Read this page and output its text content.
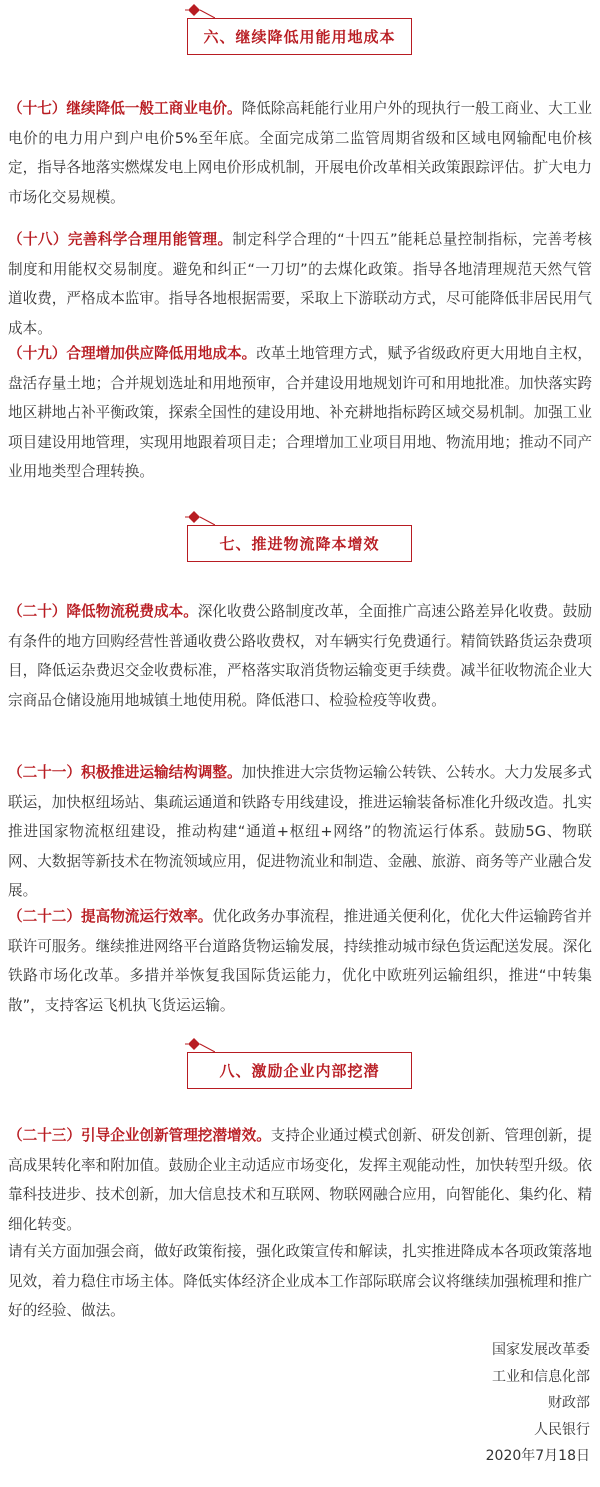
六、继续降低用能用地成本

（十七）继续降低一般工商业电价。降低除高耗能行业用户外的现执行一般工商业、大工业电价的电力用户到户电价5%至年底。全面完成第二监管周期省级和区域电网输配电价核定，指导各地落实燃煤发电上网电价形成机制，开展电价改革相关政策跟踪评估。扩大电力市场化交易规模。

（十八）完善科学合理用能管理。制定科学合理的“十四五”能耗总量控制指标，完善考核制度和用能权交易制度。避免和纠正“一刀切”的去煤化政策。指导各地清理规范天然气管道收费，严格成本监审。指导各地根据需要，采取上下游联动方式，尽可能降低非居民用气成本。

（十九）合理增加供应降低用地成本。改革土地管理方式，赋予省级政府更大用地自主权，盘活存量土地；合并规划选址和用地预审，合并建设用地规划许可和用地批准。加快落实跨地区耕地占补平衡政策，探索全国性的建设用地、补充耕地指标跨区域交易机制。加强工业项目建设用地管理，实现用地跟着项目走；合理增加工业项目用地、物流用地；推动不同产业用地类型合理转换。

七、推进物流降本增效

（二十）降低物流税费成本。深化收费公路制度改革，全面推广高速公路差异化收费。鼓励有条件的地方回购经营性普通收费公路收费权，对车辆实行免费通行。精简铁路货运杂费项目，降低运杂费迟交金收费标准，严格落实取消货物运输变更手续费。减半征收物流企业大宗商品仓储设施用地城镇土地使用税。降低港口、检验检疫等收费。

（二十一）积极推进运输结构调整。加快推进大宗货物运输公转铁、公转水。大力发展多式联运，加快枢纽场站、集疏运通道和铁路专用线建设，推进运输装备标准化升级改造。扎实推进国家物流枢纽建设，推动构建“通道+枢纽+网络”的物流运行体系。鼓励5G、物联网、大数据等新技术在物流领域应用，促进物流业和制造、金融、旅游、商务等产业融合发展。

（二十二）提高物流运行效率。优化政务办事流程，推进通关便利化，优化大件运输跨省并联许可服务。继续推进网络平台道路货物运输发展，持续推动城市绿色货运配送发展。深化铁路市场化改革。多措并举恢复我国际货运能力，优化中欧班列运输组织，推进“中转集散”，支持客运飞机执飞货运运输。

八、激励企业内部挖潜

（二十三）引导企业创新管理挖潜增效。支持企业通过模式创新、研发创新、管理创新，提高成果转化率和附加值。鼓励企业主动适应市场变化，发挥主观能动性，加快转型升级。依靠科技进步、技术创新，加大信息技术和互联网、物联网融合应用，向智能化、集约化、精细化转变。

请有关方面加强会商，做好政策衔接，强化政策宣传和解读，扎实推进降成本各项政策落地见效，着力稳住市场主体。降低实体经济企业成本工作部际联席会议将继续加强梳理和推广好的经验、做法。

国家发展改革委
工业和信息化部
财政部
人民银行
2020年7月18日
